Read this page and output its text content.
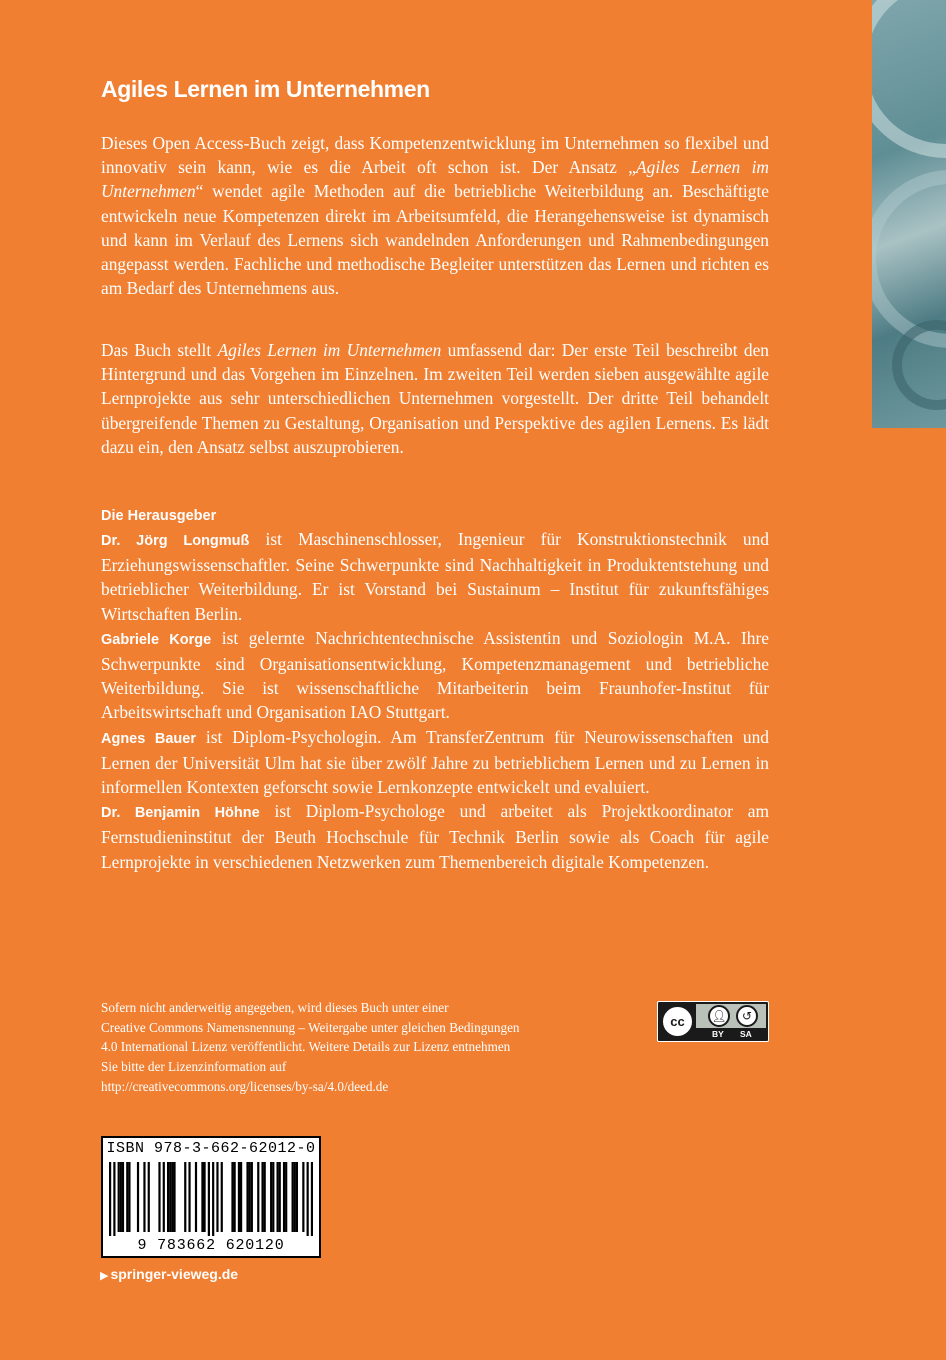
Agiles Lernen im Unternehmen

Dieses Open Access-Buch zeigt, dass Kompetenzentwicklung im Unternehmen so flexibel und innovativ sein kann, wie es die Arbeit oft schon ist. Der Ansatz „Agiles Lernen im Unternehmen“ wendet agile Methoden auf die betriebliche Weiterbildung an. Beschäftigte entwickeln neue Kompetenzen direkt im Arbeitsumfeld, die Herangehensweise ist dynamisch und kann im Verlauf des Lernens sich wandelnden Anforderungen und Rahmenbedingungen angepasst werden. Fachliche und methodische Begleiter unterstützen das Lernen und richten es am Bedarf des Unternehmens aus.

Das Buch stellt Agiles Lernen im Unternehmen umfassend dar: Der erste Teil beschreibt den Hintergrund und das Vorgehen im Einzelnen. Im zweiten Teil werden sieben ausgewählte agile Lernprojekte aus sehr unterschiedlichen Unternehmen vorgestellt. Der dritte Teil behandelt übergreifende Themen zu Gestaltung, Organisation und Perspektive des agilen Lernens. Es lädt dazu ein, den Ansatz selbst auszuprobieren.

Die Herausgeber

Dr. Jörg Longmuß ist Maschinenschlosser, Ingenieur für Konstruktionstechnik und Erziehungswissenschaftler. Seine Schwerpunkte sind Nachhaltigkeit in Produktentstehung und betrieblicher Weiterbildung. Er ist Vorstand bei Sustainum – Institut für zukunftsfähiges Wirtschaften Berlin.

Gabriele Korge ist gelernte Nachrichtentechnische Assistentin und Soziologin M.A. Ihre Schwerpunkte sind Organisationsentwicklung, Kompetenzmanagement und betriebliche Weiterbildung. Sie ist wissenschaftliche Mitarbeiterin beim Fraunhofer-Institut für Arbeitswirtschaft und Organisation IAO Stuttgart.

Agnes Bauer ist Diplom-Psychologin. Am TransferZentrum für Neurowissenschaften und Lernen der Universität Ulm hat sie über zwölf Jahre zu betrieblichem Lernen und zu Lernen in informellen Kontexten geforscht sowie Lernkonzepte entwickelt und evaluiert.

Dr. Benjamin Höhne ist Diplom-Psychologe und arbeitet als Projektkoordinator am Fernstudieninstitut der Beuth Hochschule für Technik Berlin sowie als Coach für agile Lernprojekte in verschiedenen Netzwerken zum Themenbereich digitale Kompetenzen.

Sofern nicht anderweitig angegeben, wird dieses Buch unter einer
Creative Commons Namensnennung – Weitergabe unter gleichen Bedingungen
4.0 International Lizenz veröffentlicht. Weitere Details zur Lizenz entnehmen
Sie bitte der Lizenzinformation auf
http://creativecommons.org/licenses/by-sa/4.0/deed.de

cc	👤︎	↺
BY SA
ISBN 978-3-662-62012-0
9 783662 620120

▶ springer-vieweg.de
